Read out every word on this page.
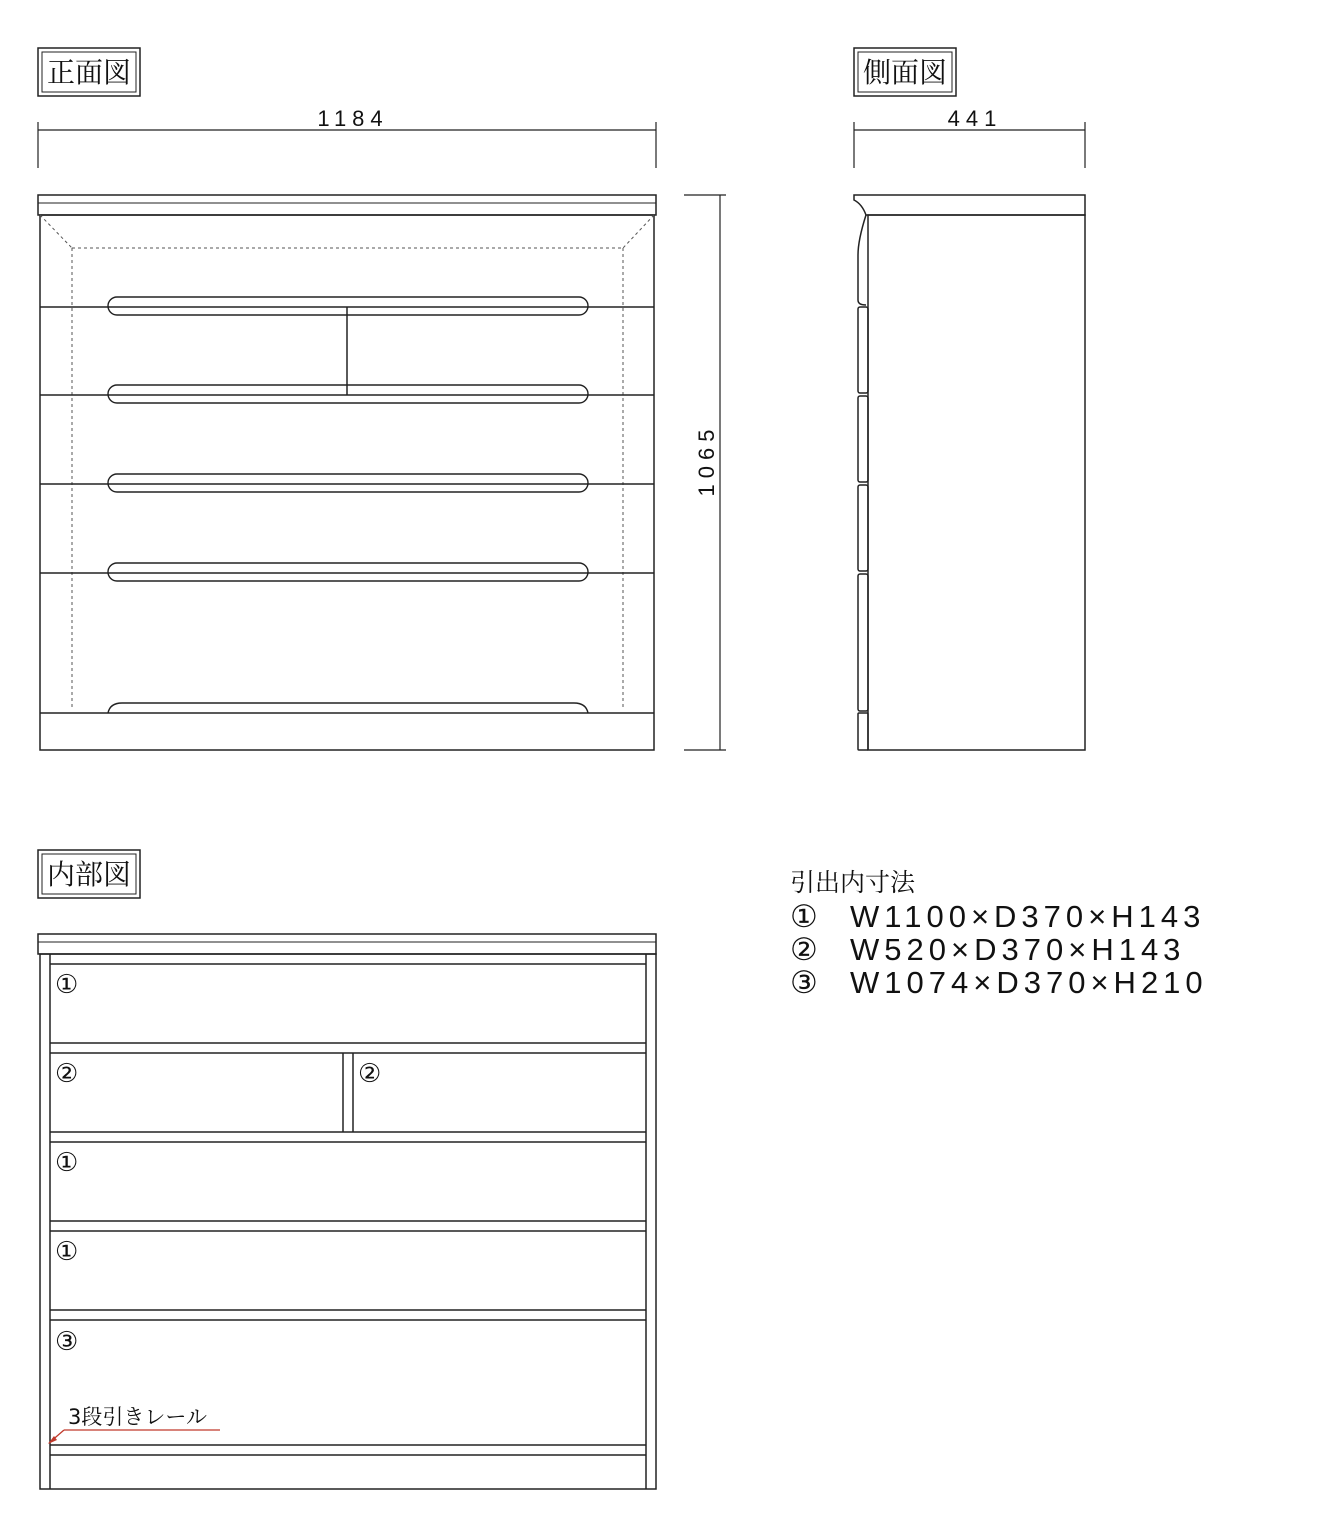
正面図
1184
1065
側面図
441
内部図
①
②	②
①
①
③
3段引きレール
引出内寸法
①  W1100×D370×H143
②  W520×D370×H143
③  W1074×D370×H210
